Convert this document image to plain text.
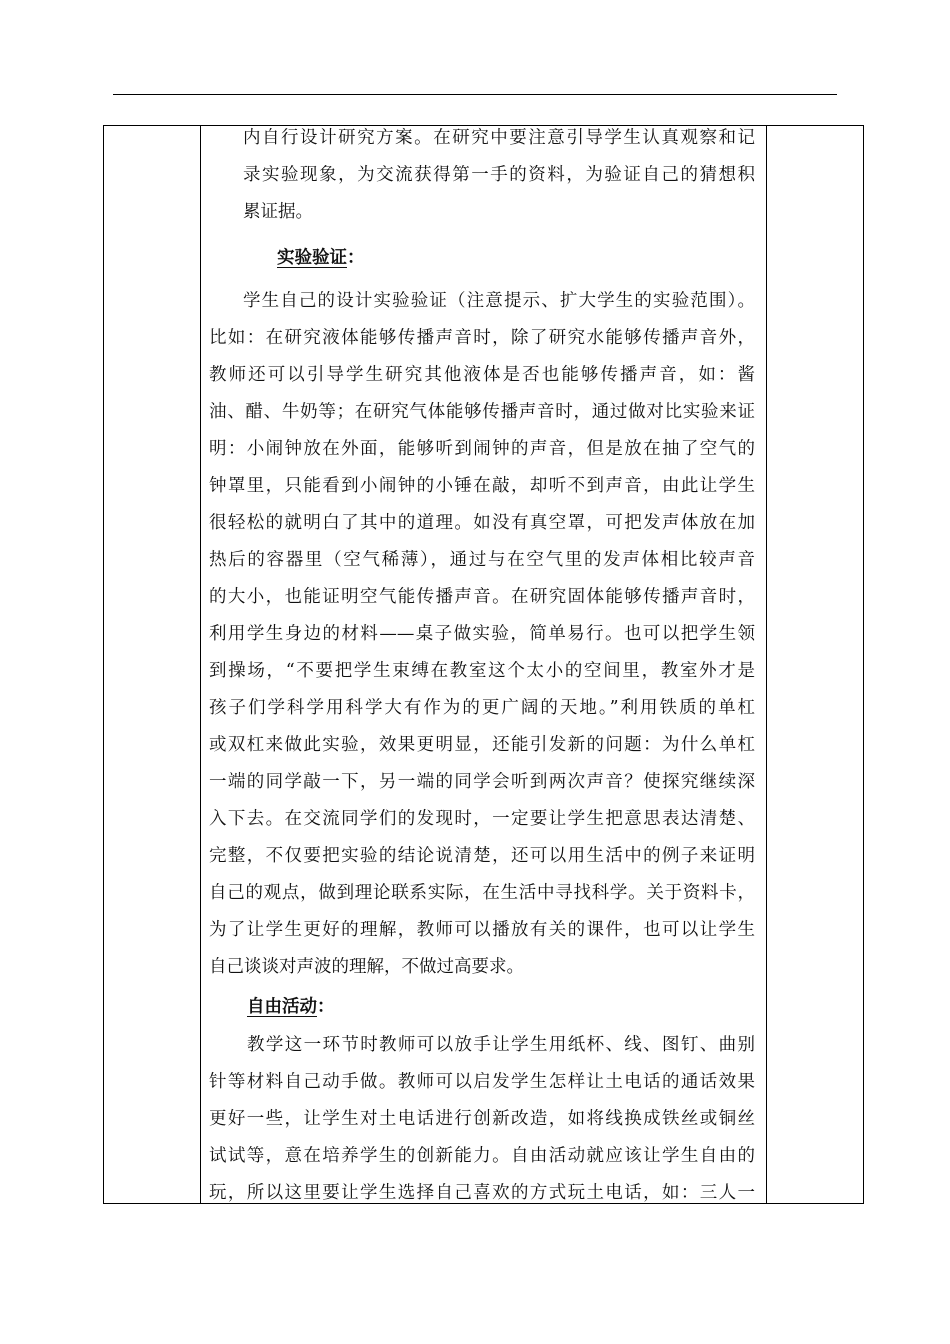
内自行设计研究方案。在研究中要注意引导学生认真观察和记
录实验现象，为交流获得第一手的资料，为验证自己的猜想积
累证据。
实验验证：
学生自己的设计实验验证（注意提示、扩大学生的实验范围）。
比如：在研究液体能够传播声音时，除了研究水能够传播声音外，
教师还可以引导学生研究其他液体是否也能够传播声音，如：酱
油、醋、牛奶等；在研究气体能够传播声音时，通过做对比实验来证
明：小闹钟放在外面，能够听到闹钟的声音，但是放在抽了空气的
钟罩里，只能看到小闹钟的小锤在敲，却听不到声音，由此让学生
很轻松的就明白了其中的道理。如没有真空罩，可把发声体放在加
热后的容器里（空气稀薄），通过与在空气里的发声体相比较声音
的大小，也能证明空气能传播声音。在研究固体能够传播声音时，
利用学生身边的材料——桌子做实验，简单易行。也可以把学生领
到操场，“不要把学生束缚在教室这个太小的空间里，教室外才是
孩子们学科学用科学大有作为的更广阔的天地。”利用铁质的单杠
或双杠来做此实验，效果更明显，还能引发新的问题：为什么单杠
一端的同学敲一下，另一端的同学会听到两次声音？使探究继续深
入下去。在交流同学们的发现时，一定要让学生把意思表达清楚、
完整，不仅要把实验的结论说清楚，还可以用生活中的例子来证明
自己的观点，做到理论联系实际，在生活中寻找科学。关于资料卡，
为了让学生更好的理解，教师可以播放有关的课件，也可以让学生
自己谈谈对声波的理解，不做过高要求。
自由活动：
教学这一环节时教师可以放手让学生用纸杯、线、图钉、曲别
针等材料自己动手做。教师可以启发学生怎样让土电话的通话效果
更好一些，让学生对土电话进行创新改造，如将线换成铁丝或铜丝
试试等，意在培养学生的创新能力。自由活动就应该让学生自由的
玩，所以这里要让学生选择自己喜欢的方式玩土电话，如：三人一
